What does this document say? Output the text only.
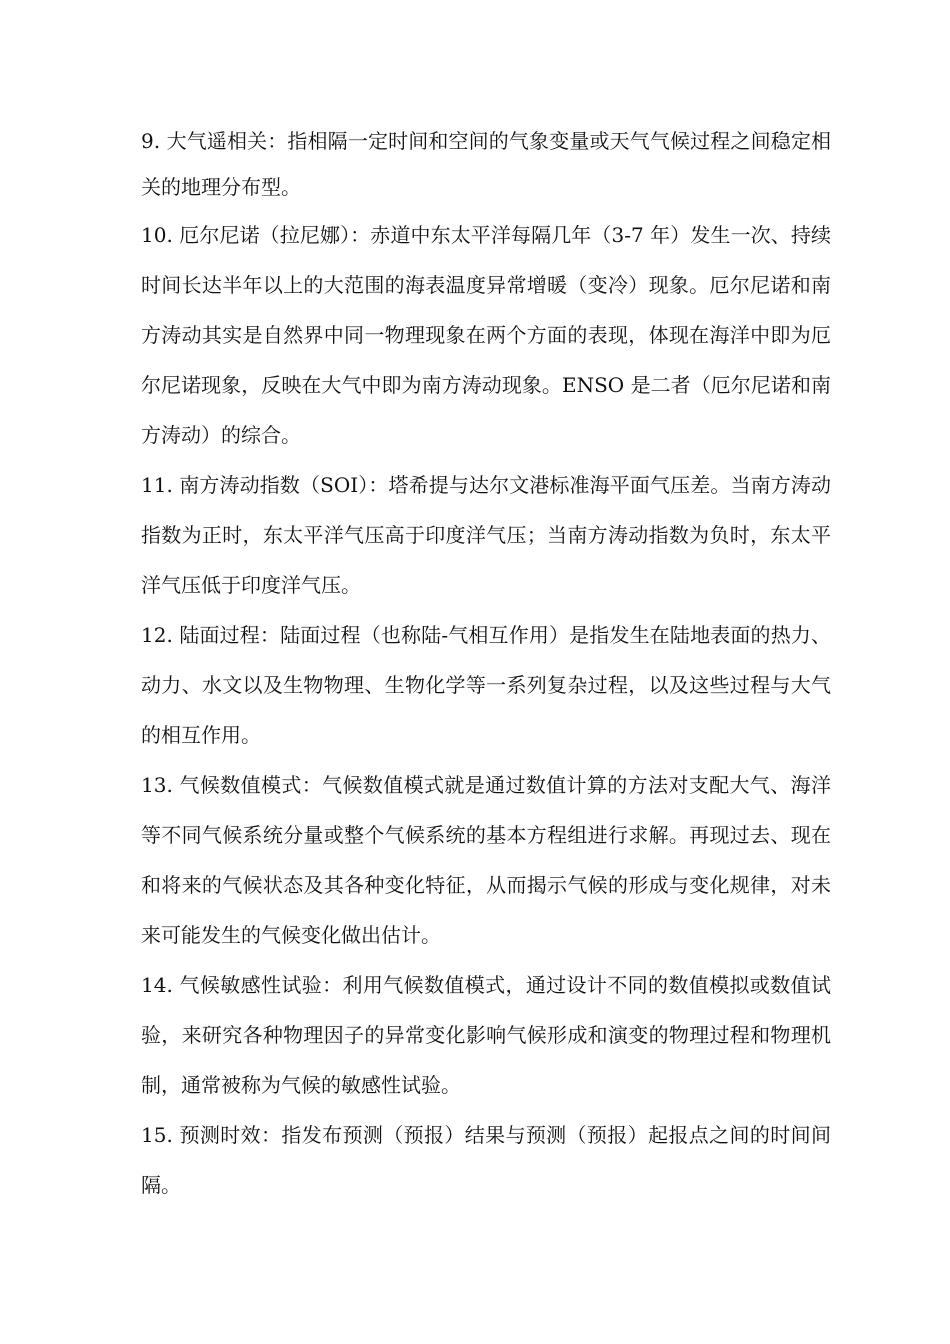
9. 大气遥相关：指相隔一定时间和空间的气象变量或天气气候过程之间稳定相关的地理分布型。

10. 厄尔尼诺（拉尼娜）：赤道中东太平洋每隔几年（3-7 年）发生一次、持续时间长达半年以上的大范围的海表温度异常增暖（变冷）现象。厄尔尼诺和南方涛动其实是自然界中同一物理现象在两个方面的表现，体现在海洋中即为厄尔尼诺现象，反映在大气中即为南方涛动现象。ENSO 是二者（厄尔尼诺和南方涛动）的综合。

11. 南方涛动指数（SOI）：塔希提与达尔文港标准海平面气压差。当南方涛动指数为正时，东太平洋气压高于印度洋气压；当南方涛动指数为负时，东太平洋气压低于印度洋气压。

12. 陆面过程：陆面过程（也称陆-气相互作用）是指发生在陆地表面的热力、动力、水文以及生物物理、生物化学等一系列复杂过程，以及这些过程与大气的相互作用。

13. 气候数值模式：气候数值模式就是通过数值计算的方法对支配大气、海洋等不同气候系统分量或整个气候系统的基本方程组进行求解。再现过去、现在和将来的气候状态及其各种变化特征，从而揭示气候的形成与变化规律，对未来可能发生的气候变化做出估计。

14. 气候敏感性试验：利用气候数值模式，通过设计不同的数值模拟或数值试验，来研究各种物理因子的异常变化影响气候形成和演变的物理过程和物理机制，通常被称为气候的敏感性试验。

15. 预测时效：指发布预测（预报）结果与预测（预报）起报点之间的时间间隔。
